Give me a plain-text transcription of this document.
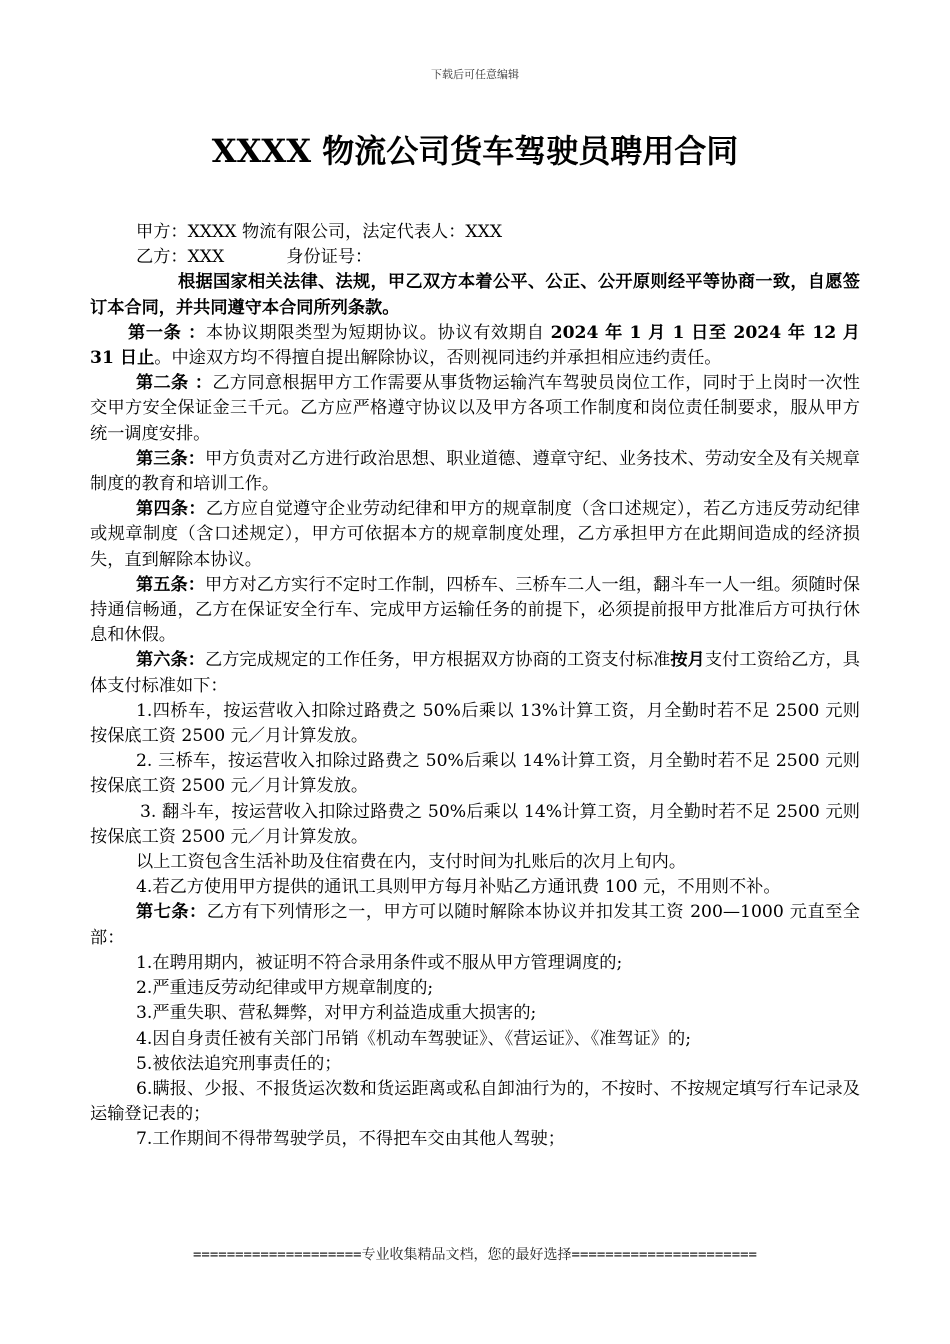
下载后可任意编辑
XXXX 物流公司货车驾驶员聘用合同

甲方：XXXX 物流有限公司，法定代表人：XXX

乙方：XXX	身份证号：

根据国家相关法律、法规，甲乙双方本着公平、公正、公开原则经平等协商一致，自愿签订本合同，并共同遵守本合同所列条款。

第一条 ：本协议期限类型为短期协议。协议有效期自 2024 年 1 月 1 日至 2024 年 12 月 31 日止。中途双方均不得擅自提出解除协议，否则视同违约并承担相应违约责任。

第二条 ：乙方同意根据甲方工作需要从事货物运输汽车驾驶员岗位工作，同时于上岗时一次性交甲方安全保证金三千元。乙方应严格遵守协议以及甲方各项工作制度和岗位责任制要求，服从甲方统一调度安排。

第三条：甲方负责对乙方进行政治思想、职业道德、遵章守纪、业务技术、劳动安全及有关规章制度的教育和培训工作。

第四条：乙方应自觉遵守企业劳动纪律和甲方的规章制度（含口述规定），若乙方违反劳动纪律或规章制度（含口述规定），甲方可依据本方的规章制度处理，乙方承担甲方在此期间造成的经济损失，直到解除本协议。

第五条：甲方对乙方实行不定时工作制，四桥车、三桥车二人一组，翻斗车一人一组。须随时保持通信畅通，乙方在保证安全行车、完成甲方运输任务的前提下，必须提前报甲方批准后方可执行休息和休假。

第六条：乙方完成规定的工作任务，甲方根据双方协商的工资支付标准按月支付工资给乙方，具体支付标准如下：

1.四桥车，按运营收入扣除过路费之 50%后乘以 13%计算工资，月全勤时若不足 2500 元则按保底工资 2500 元／月计算发放。

2. 三桥车，按运营收入扣除过路费之 50%后乘以 14%计算工资，月全勤时若不足 2500 元则按保底工资 2500 元／月计算发放。

3. 翻斗车，按运营收入扣除过路费之 50%后乘以 14%计算工资，月全勤时若不足 2500 元则按保底工资 2500 元／月计算发放。

以上工资包含生活补助及住宿费在内，支付时间为扎账后的次月上旬内。

4.若乙方使用甲方提供的通讯工具则甲方每月补贴乙方通讯费 100 元，不用则不补。

第七条：乙方有下列情形之一，甲方可以随时解除本协议并扣发其工资 200—1000 元直至全部：

1.在聘用期内，被证明不符合录用条件或不服从甲方管理调度的;

2.严重违反劳动纪律或甲方规章制度的;

3.严重失职、营私舞弊，对甲方利益造成重大损害的;

4.因自身责任被有关部门吊销《机动车驾驶证》、《营运证》、《准驾证》的;

5.被依法追究刑事责任的；

6.瞒报、少报、不报货运次数和货运距离或私自卸油行为的，不按时、不按规定填写行车记录及运输登记表的；

7.工作期间不得带驾驶学员，不得把车交由其他人驾驶；

====================专业收集精品文档，您的最好选择======================
